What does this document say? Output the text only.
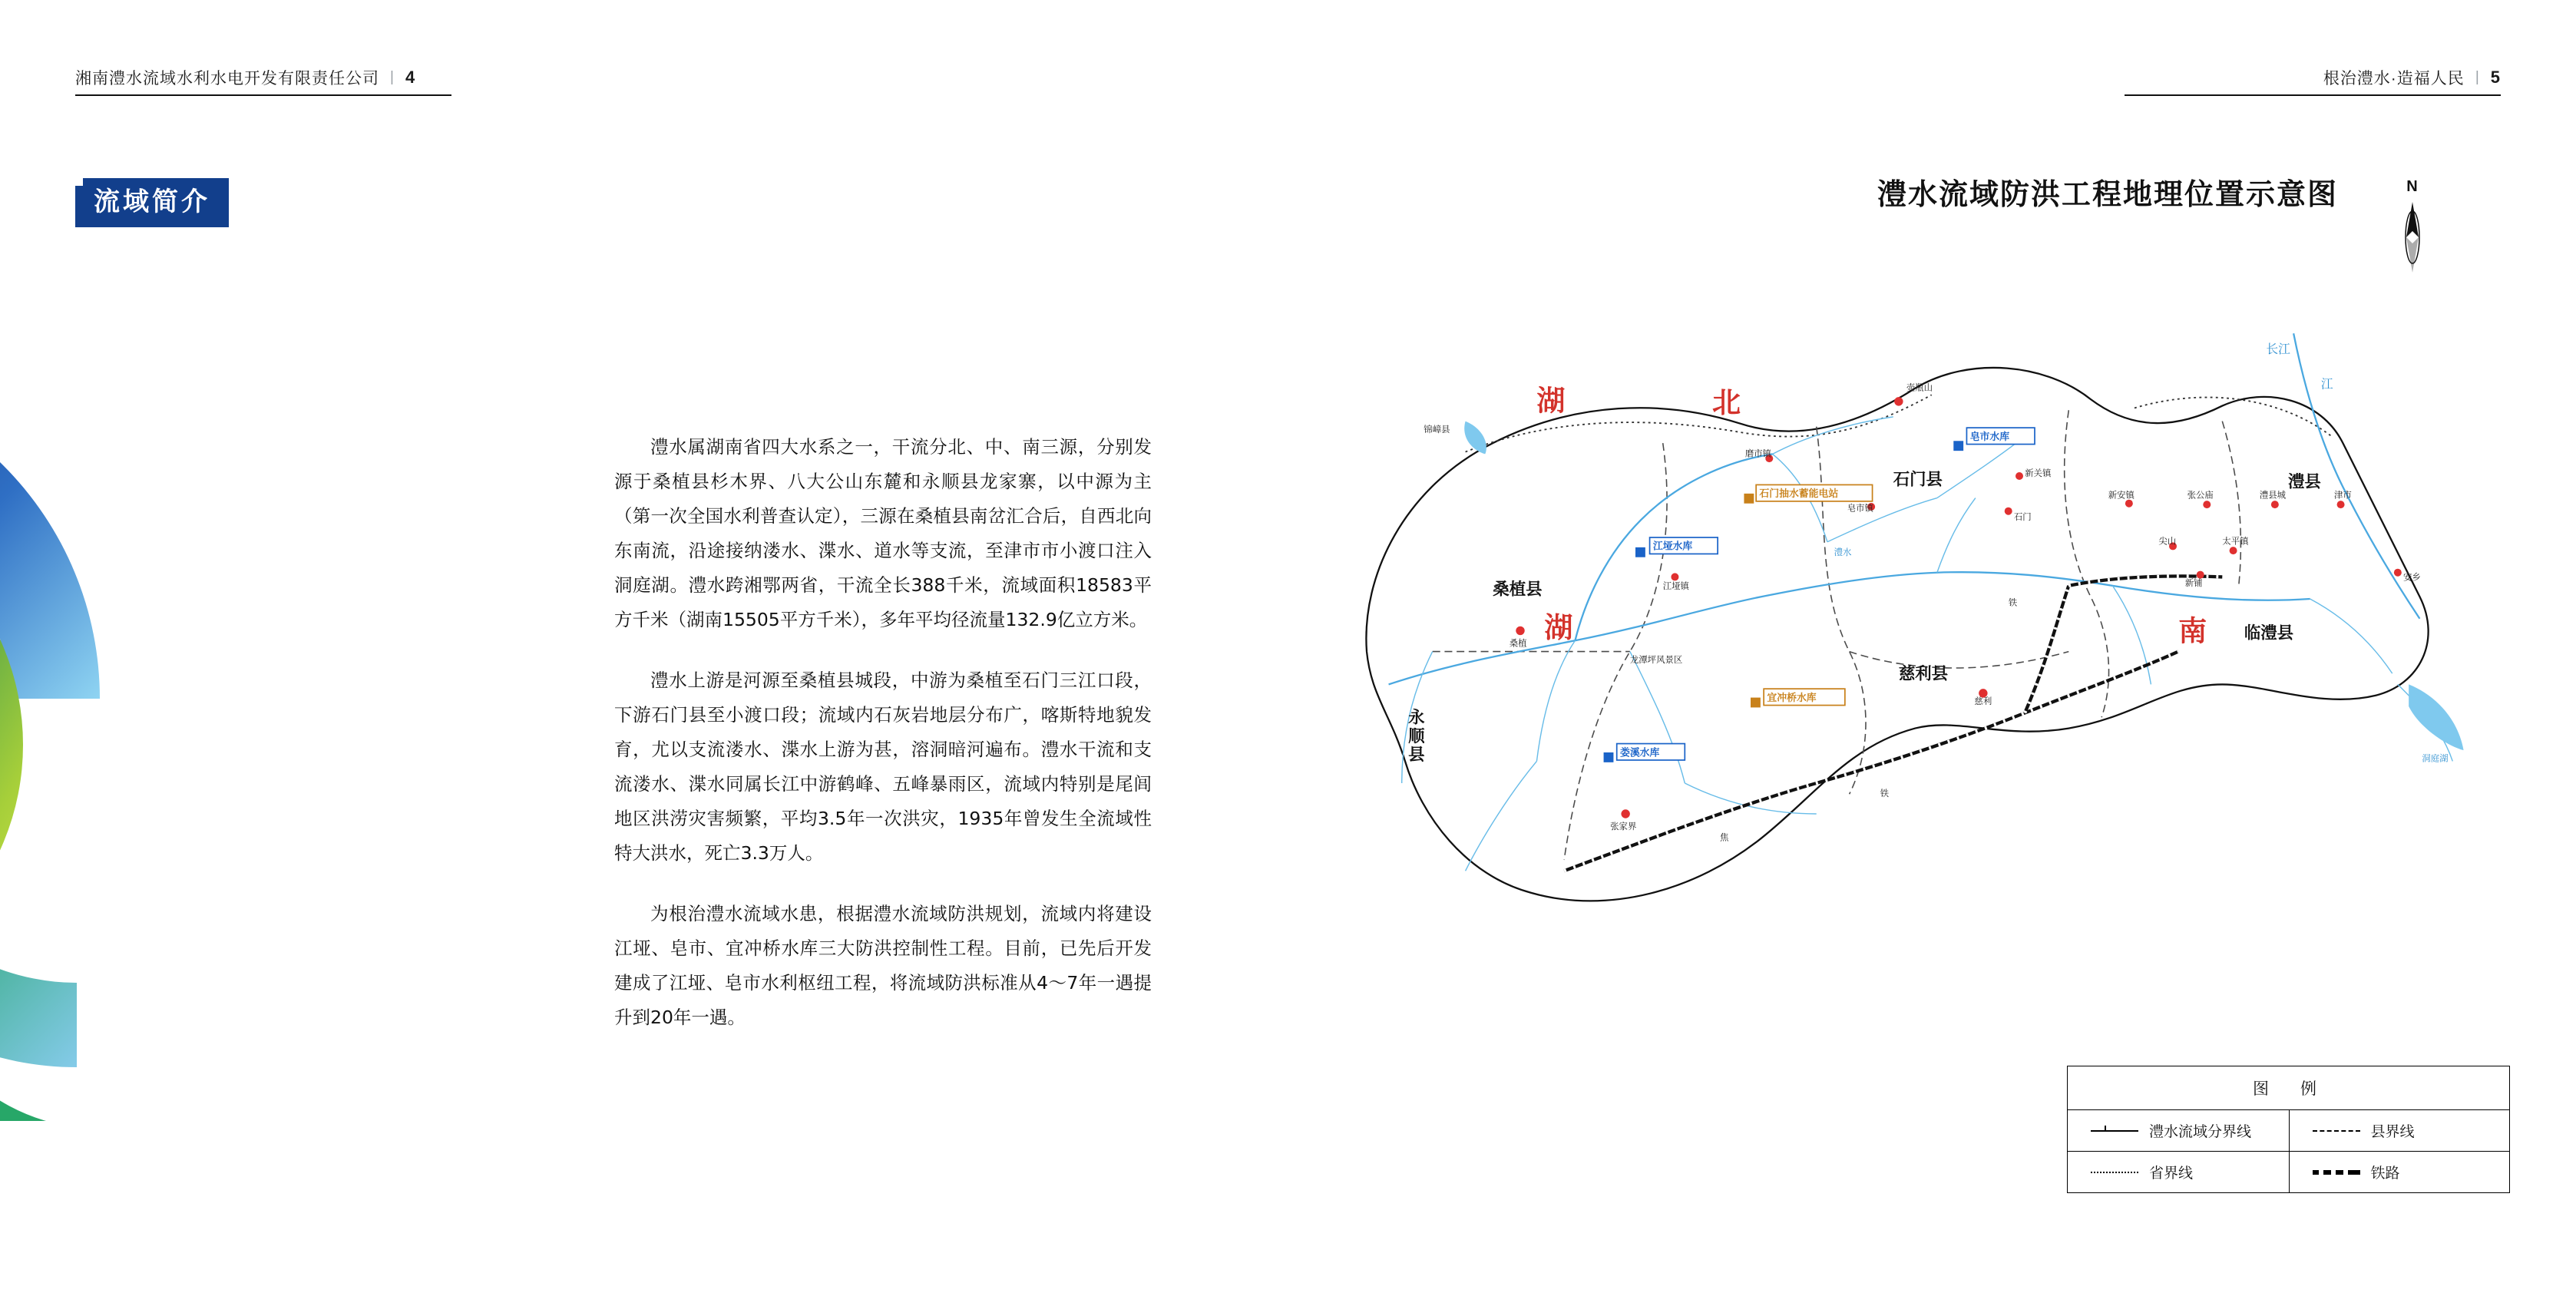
湘南澧水流域水利水电开发有限责任公司 | 4	根治澧水·造福人民 | 5
流域简介

澧水属湖南省四大水系之一，干流分北、中、南三源，分别发源于桑植县杉木界、八大公山东麓和永顺县龙家寨，以中源为主（第一次全国水利普查认定），三源在桑植县南岔汇合后，自西北向东南流，沿途接纳溇水、渫水、道水等支流，至津市市小渡口注入洞庭湖。澧水跨湘鄂两省，干流全长388千米，流域面积18583平方千米（湖南15505平方千米），多年平均径流量132.9亿立方米。

澧水上游是河源至桑植县城段，中游为桑植至石门三江口段，下游石门县至小渡口段；流域内石灰岩地层分布广，喀斯特地貌发育，尤以支流溇水、渫水上游为甚，溶洞暗河遍布。澧水干流和支流溇水、渫水同属长江中游鹤峰、五峰暴雨区，流域内特别是尾闾地区洪涝灾害频繁，平均3.5年一次洪灾，1935年曾发生全流域性特大洪水，死亡3.3万人。

为根治澧水流域水患，根据澧水流域防洪规划，流域内将建设江垭、皂市、宜冲桥水库三大防洪控制性工程。目前，已先后开发建成了江垭、皂市水利枢纽工程，将流域防洪标准从4～7年一遇提升到20年一遇。

澧水流域防洪工程地理位置示意图	N
湖	北
湖	南
石门县	澧县
桑植县
慈利县
临澧县
永顺县
皂市水库
石门抽水蓄能电站
江垭水库
宜冲桥水库
娄溪水库
壶瓶山
锦嶂县
磨市镇
新关镇
皂市镇
石门
新安镇	张公庙	澧县城	津市
江垭镇
桑植
尖山	太平镇
新铺
慈利
龙潭坪风景区
张家界
安乡
洞庭湖
长江
江
澧水
铁
铁
焦
图　例
澧水流域分界线	县界线
省界线	铁路
